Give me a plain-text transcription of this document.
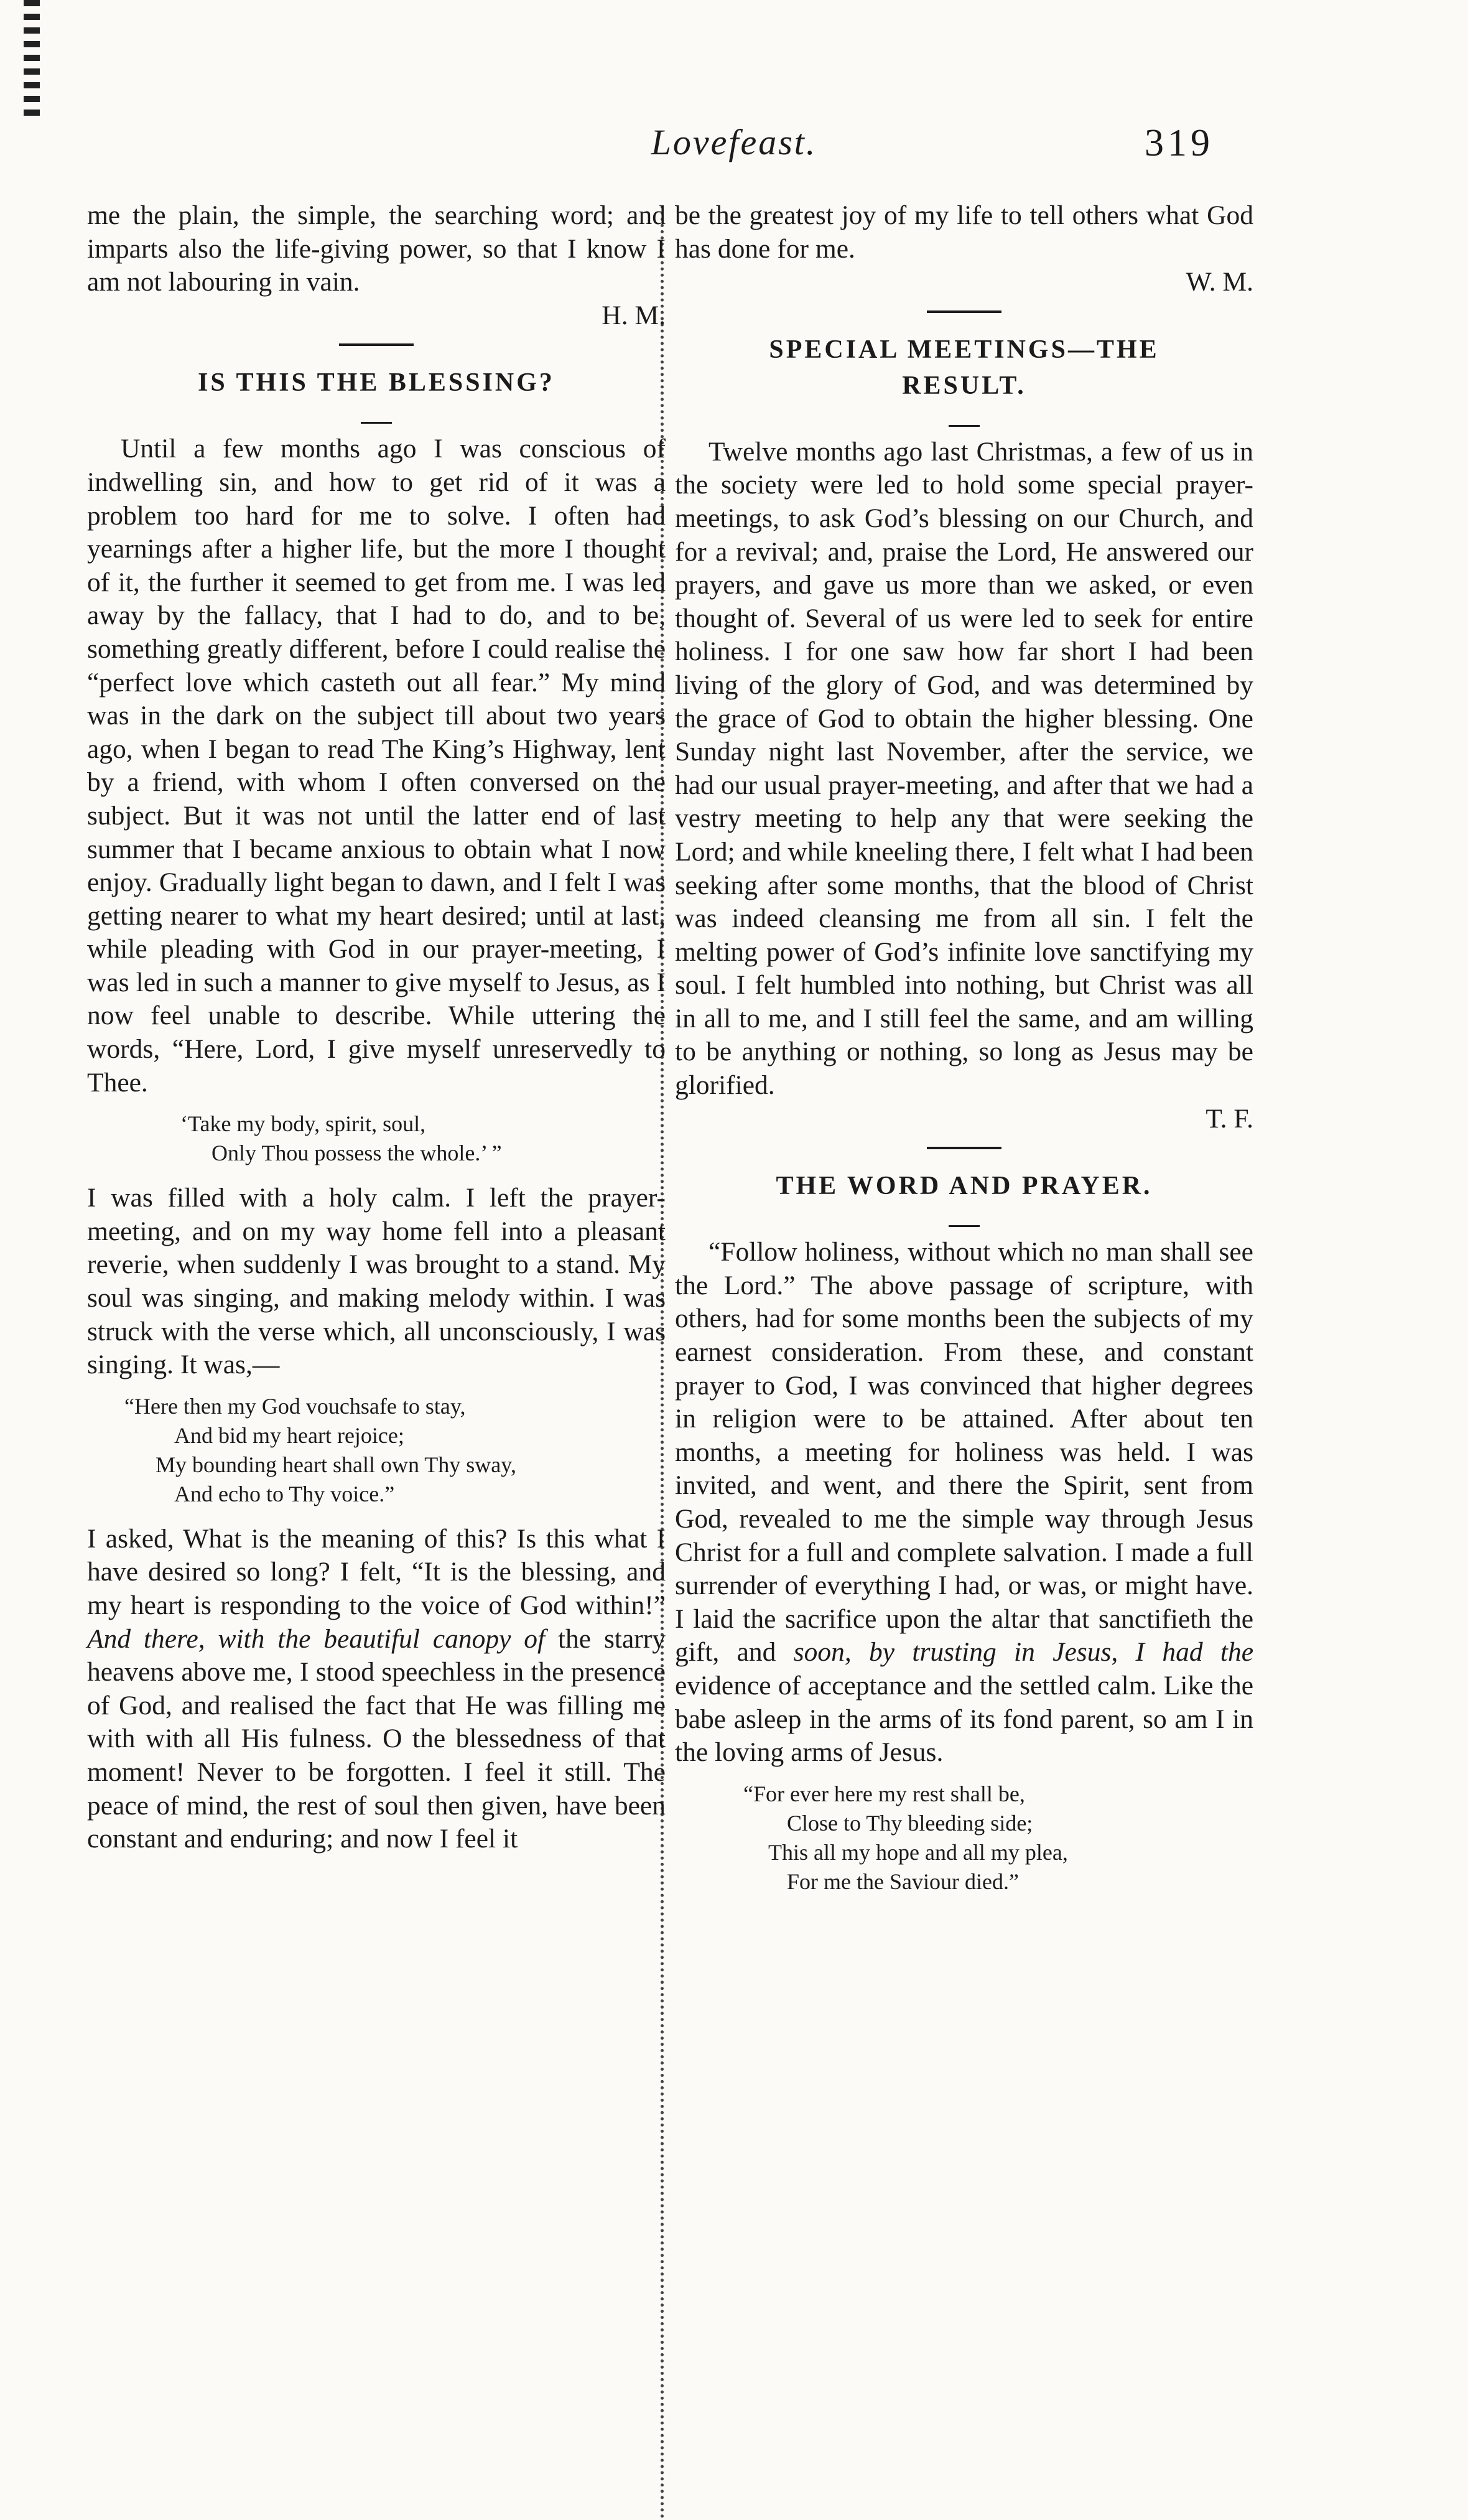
Lovefeast.	319

me the plain, the simple, the searching word; and imparts also the life-giving power, so that I know I am not labouring in vain.

H. M.

IS THIS THE BLESSING?

Until a few months ago I was conscious of indwelling sin, and how to get rid of it was a problem too hard for me to solve. I often had yearnings after a higher life, but the more I thought of it, the further it seemed to get from me. I was led away by the fallacy, that I had to do, and to be, something greatly different, before I could realise the “perfect love which casteth out all fear.” My mind was in the dark on the subject till about two years ago, when I began to read The King’s Highway, lent by a friend, with whom I often conversed on the subject. But it was not until the latter end of last summer that I became anxious to obtain what I now enjoy. Gradually light began to dawn, and I felt I was getting nearer to what my heart desired; until at last, while pleading with God in our prayer-meeting, I was led in such a manner to give myself to Jesus, as I now feel unable to describe. While uttering the words, “Here, Lord, I give myself unreservedly to Thee.

‘Take my body, spirit, soul,
Only Thou possess the whole.’ ”

I was filled with a holy calm. I left the prayer-meeting, and on my way home fell into a pleasant reverie, when suddenly I was brought to a stand. My soul was singing, and making melody within. I was struck with the verse which, all unconsciously, I was singing. It was,—

“Here then my God vouchsafe to stay,
And bid my heart rejoice;
My bounding heart shall own Thy sway,
And echo to Thy voice.”

I asked, What is the meaning of this? Is this what I have desired so long? I felt, “It is the blessing, and my heart is responding to the voice of God within!” And there, with the beautiful canopy of the starry heavens above me, I stood speechless in the presence of God, and realised the fact that He was filling me with with all His fulness. O the blessedness of that moment! Never to be forgotten. I feel it still. The peace of mind, the rest of soul then given, have been constant and enduring; and now I feel it

be the greatest joy of my life to tell others what God has done for me.

W. M.

SPECIAL MEETINGS—THE
RESULT.

Twelve months ago last Christmas, a few of us in the society were led to hold some special prayer-meetings, to ask God’s blessing on our Church, and for a revival; and, praise the Lord, He answered our prayers, and gave us more than we asked, or even thought of. Several of us were led to seek for entire holiness. I for one saw how far short I had been living of the glory of God, and was determined by the grace of God to obtain the higher blessing. One Sunday night last November, after the service, we had our usual prayer-meeting, and after that we had a vestry meeting to help any that were seeking the Lord; and while kneeling there, I felt what I had been seeking after some months, that the blood of Christ was indeed cleansing me from all sin. I felt the melting power of God’s infinite love sanctifying my soul. I felt humbled into nothing, but Christ was all in all to me, and I still feel the same, and am willing to be anything or nothing, so long as Jesus may be glorified.

T. F.

THE WORD AND PRAYER.

“Follow holiness, without which no man shall see the Lord.” The above passage of scripture, with others, had for some months been the subjects of my earnest consideration. From these, and constant prayer to God, I was convinced that higher degrees in religion were to be attained. After about ten months, a meeting for holiness was held. I was invited, and went, and there the Spirit, sent from God, revealed to me the simple way through Jesus Christ for a full and complete salvation. I made a full surrender of everything I had, or was, or might have. I laid the sacrifice upon the altar that sanctifieth the gift, and soon, by trusting in Jesus, I had the evidence of acceptance and the settled calm. Like the babe asleep in the arms of its fond parent, so am I in the loving arms of Jesus.

“For ever here my rest shall be,
Close to Thy bleeding side;
This all my hope and all my plea,
For me the Saviour died.”
